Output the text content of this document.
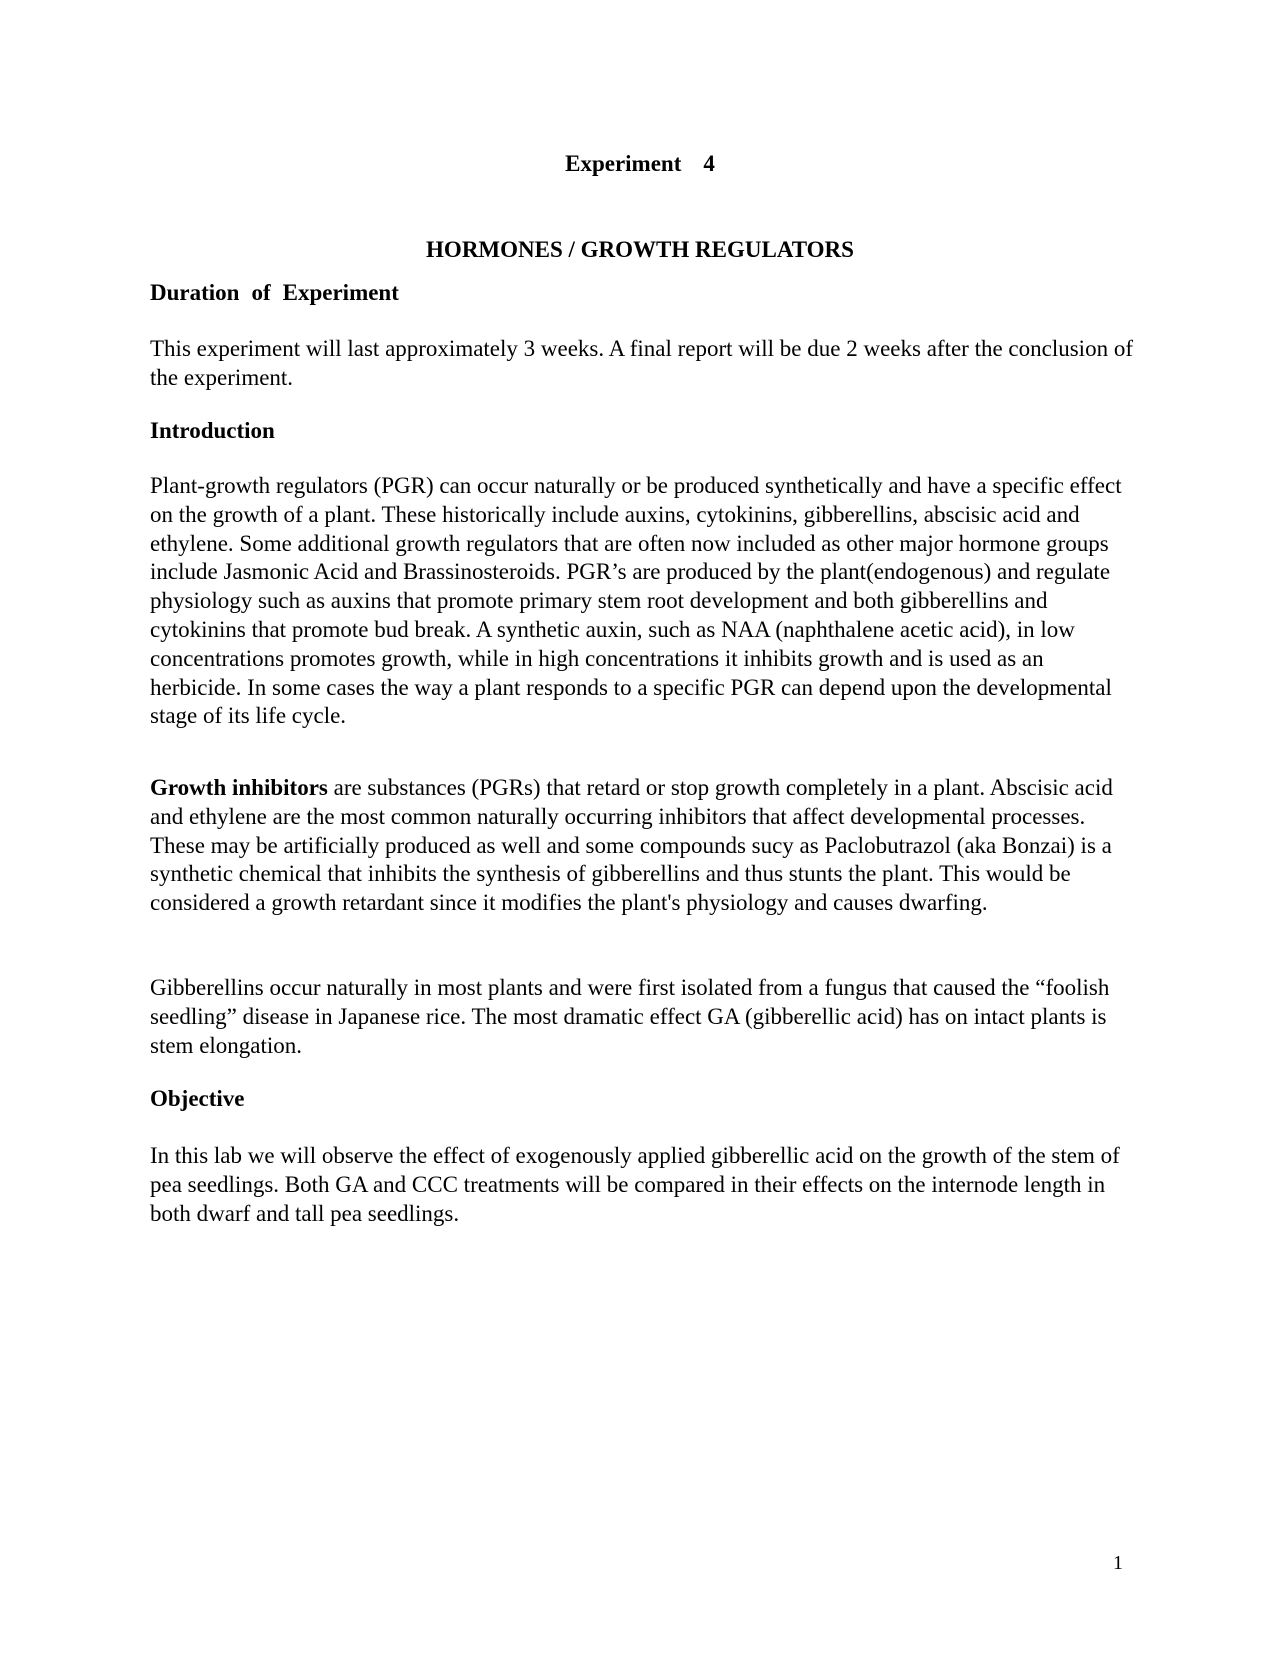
Experiment 4
HORMONES / GROWTH REGULATORS
Duration of Experiment

This experiment will last approximately 3 weeks. A final report will be due 2 weeks after the conclusion of the experiment.

Introduction

Plant-growth regulators (PGR) can occur naturally or be produced synthetically and have a specific effect on the growth of a plant. These historically include auxins, cytokinins, gibberellins, abscisic acid and ethylene. Some additional growth regulators that are often now included as other major hormone groups include Jasmonic Acid and Brassinosteroids. PGR’s are produced by the plant(endogenous) and regulate physiology such as auxins that promote primary stem root development and both gibberellins and cytokinins that promote bud break. A synthetic auxin, such as NAA (naphthalene acetic acid), in low concentrations promotes growth, while in high concentrations it inhibits growth and is used as an herbicide. In some cases the way a plant responds to a specific PGR can depend upon the developmental stage of its life cycle.

Growth inhibitors are substances (PGRs) that retard or stop growth completely in a plant. Abscisic acid and ethylene are the most common naturally occurring inhibitors that affect developmental processes. These may be artificially produced as well and some compounds sucy as Paclobutrazol (aka Bonzai) is a synthetic chemical that inhibits the synthesis of gibberellins and thus stunts the plant. This would be considered a growth retardant since it modifies the plant's physiology and causes dwarfing.

Gibberellins occur naturally in most plants and were first isolated from a fungus that caused the “foolish seedling” disease in Japanese rice. The most dramatic effect GA (gibberellic acid) has on intact plants is stem elongation.

Objective

In this lab we will observe the effect of exogenously applied gibberellic acid on the growth of the stem of pea seedlings. Both GA and CCC treatments will be compared in their effects on the internode length in both dwarf and tall pea seedlings.

1
